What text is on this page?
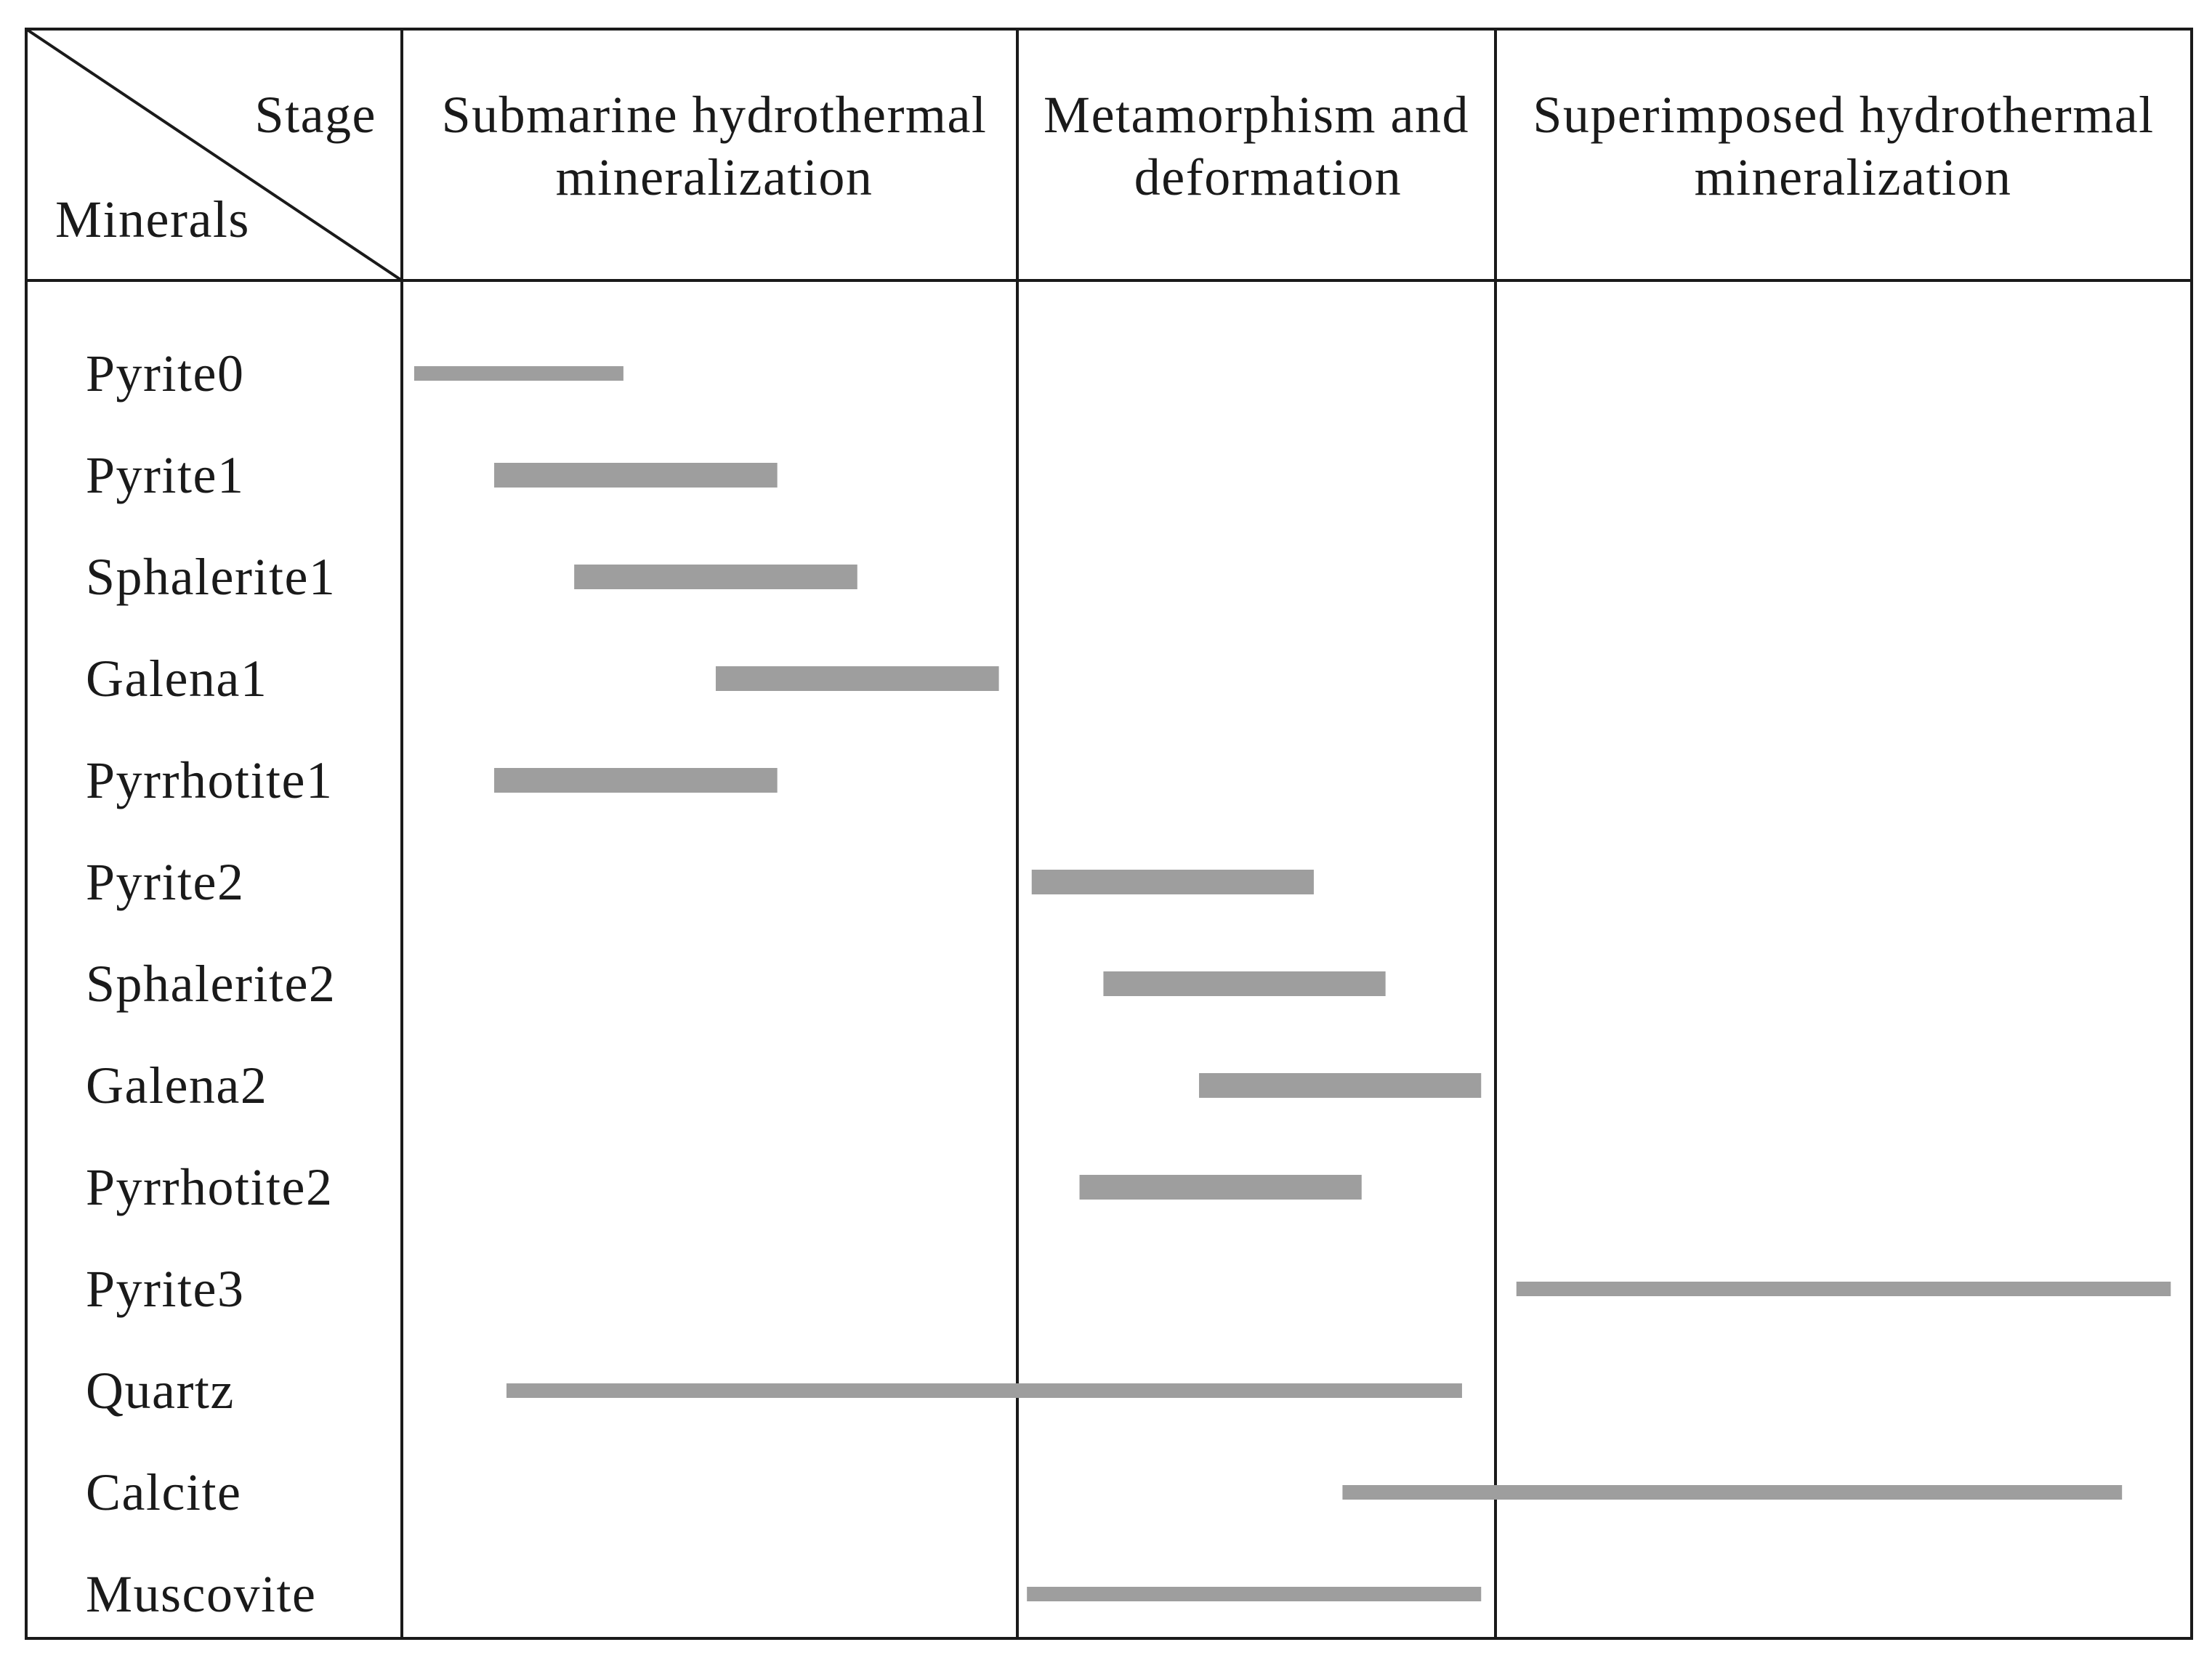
Stage
Minerals
Submarine hydrothermal
mineralization
Metamorphism and
deformation
Superimposed hydrothermal
mineralization
Pyrite0
Pyrite1
Sphalerite1
Galena1
Pyrrhotite1
Pyrite2
Sphalerite2
Galena2
Pyrrhotite2
Pyrite3
Quartz
Calcite
Muscovite
